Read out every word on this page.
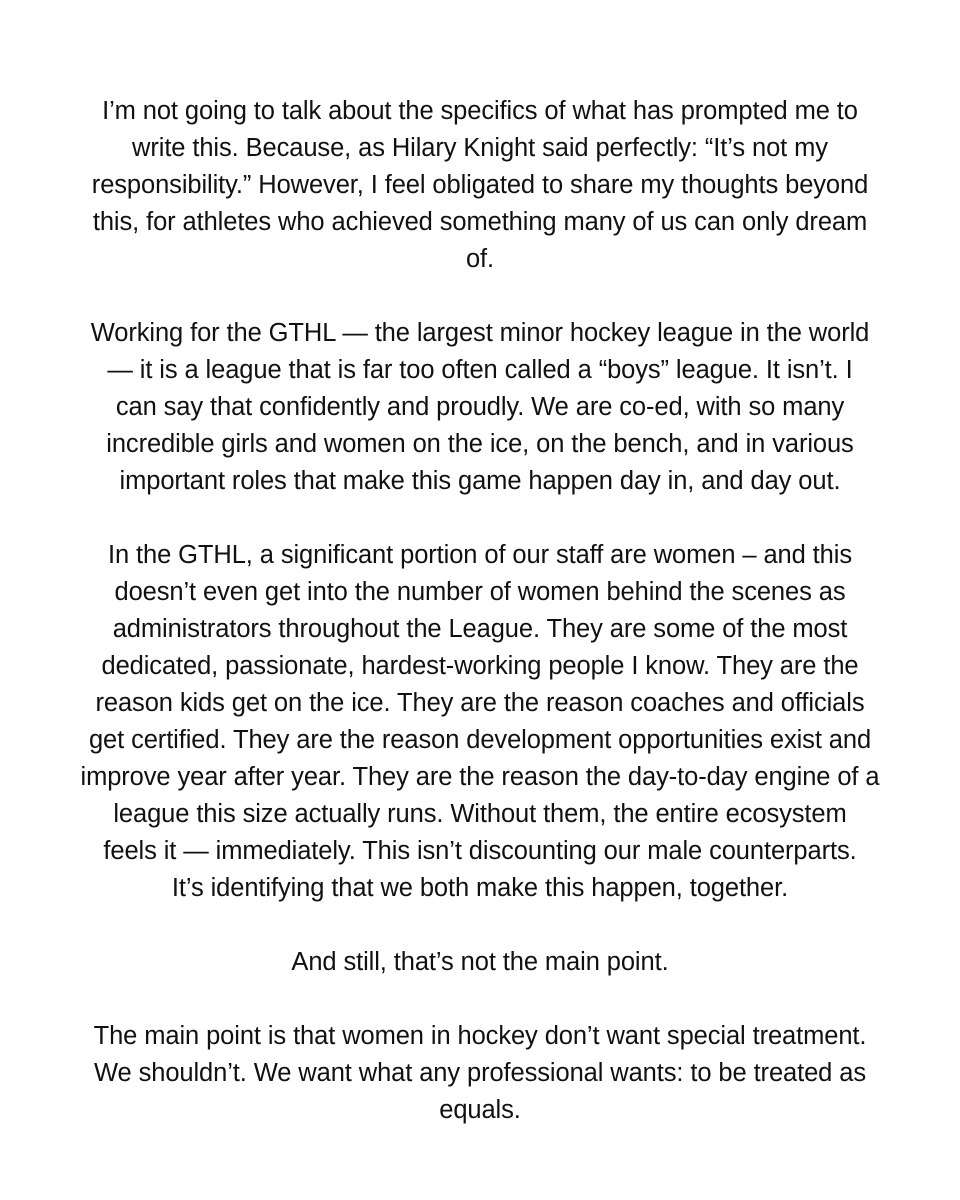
I’m not going to talk about the specifics of what has prompted me to
write this. Because, as Hilary Knight said perfectly: “It’s not my
responsibility.” However, I feel obligated to share my thoughts beyond
this, for athletes who achieved something many of us can only dream
of.

Working for the GTHL — the largest minor hockey league in the world
— it is a league that is far too often called a “boys” league. It isn’t. I
can say that confidently and proudly. We are co-ed, with so many
incredible girls and women on the ice, on the bench, and in various
important roles that make this game happen day in, and day out.

In the GTHL, a significant portion of our staff are women – and this
doesn’t even get into the number of women behind the scenes as
administrators throughout the League. They are some of the most
dedicated, passionate, hardest-working people I know. They are the
reason kids get on the ice. They are the reason coaches and officials
get certified. They are the reason development opportunities exist and
improve year after year. They are the reason the day-to-day engine of a
league this size actually runs. Without them, the entire ecosystem
feels it — immediately. This isn’t discounting our male counterparts.
It’s identifying that we both make this happen, together.

And still, that’s not the main point.

The main point is that women in hockey don’t want special treatment.
We shouldn’t. We want what any professional wants: to be treated as
equals.
